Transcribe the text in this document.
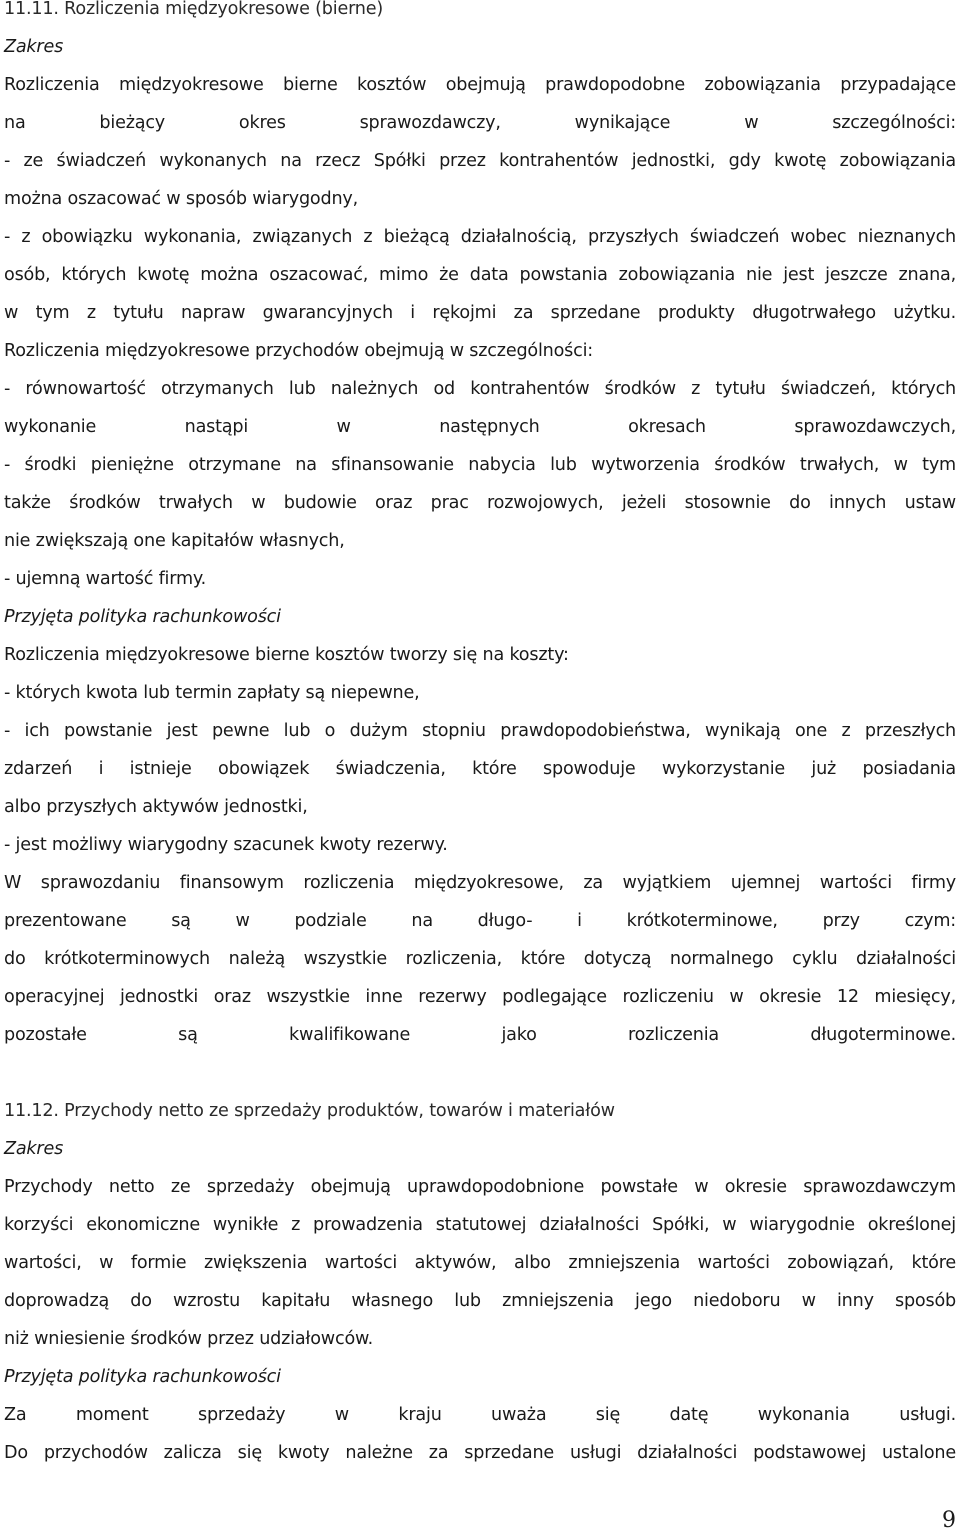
11.11. Rozliczenia międzyokresowe (bierne)
Zakres
Rozliczenia międzyokresowe bierne kosztów obejmują prawdopodobne zobowiązania przypadające
na bieżący okres sprawozdawczy, wynikające w szczególności:
- ze świadczeń wykonanych na rzecz Spółki przez kontrahentów jednostki, gdy kwotę zobowiązania
można oszacować w sposób wiarygodny,
- z obowiązku wykonania, związanych z bieżącą działalnością, przyszłych świadczeń wobec nieznanych
osób, których kwotę można oszacować, mimo że data powstania zobowiązania nie jest jeszcze znana,
w tym z tytułu napraw gwarancyjnych i rękojmi za sprzedane produkty długotrwałego użytku.
Rozliczenia międzyokresowe przychodów obejmują w szczególności:
- równowartość otrzymanych lub należnych od kontrahentów środków z tytułu świadczeń, których
wykonanie nastąpi w następnych okresach sprawozdawczych,
- środki pieniężne otrzymane na sfinansowanie nabycia lub wytworzenia środków trwałych, w tym
także środków trwałych w budowie oraz prac rozwojowych, jeżeli stosownie do innych ustaw
nie zwiększają one kapitałów własnych,
- ujemną wartość firmy.
Przyjęta polityka rachunkowości
Rozliczenia międzyokresowe bierne kosztów tworzy się na koszty:
- których kwota lub termin zapłaty są niepewne,
- ich powstanie jest pewne lub o dużym stopniu prawdopodobieństwa, wynikają one z przeszłych
zdarzeń i istnieje obowiązek świadczenia, które spowoduje wykorzystanie już posiadania
albo przyszłych aktywów jednostki,
- jest możliwy wiarygodny szacunek kwoty rezerwy.
W sprawozdaniu finansowym rozliczenia międzyokresowe, za wyjątkiem ujemnej wartości firmy
prezentowane są w podziale na długo- i krótkoterminowe, przy czym:
do krótkoterminowych należą wszystkie rozliczenia, które dotyczą normalnego cyklu działalności
operacyjnej jednostki oraz wszystkie inne rezerwy podlegające rozliczeniu w okresie 12 miesięcy,
pozostałe są kwalifikowane jako rozliczenia długoterminowe.
11.12. Przychody netto ze sprzedaży produktów, towarów i materiałów
Zakres
Przychody netto ze sprzedaży obejmują uprawdopodobnione powstałe w okresie sprawozdawczym
korzyści ekonomiczne wynikłe z prowadzenia statutowej działalności Spółki, w wiarygodnie określonej
wartości, w formie zwiększenia wartości aktywów, albo zmniejszenia wartości zobowiązań, które
doprowadzą do wzrostu kapitału własnego lub zmniejszenia jego niedoboru w inny sposób
niż wniesienie środków przez udziałowców.
Przyjęta polityka rachunkowości
Za moment sprzedaży w kraju uważa się datę wykonania usługi.
Do przychodów zalicza się kwoty należne za sprzedane usługi działalności podstawowej ustalone
9
